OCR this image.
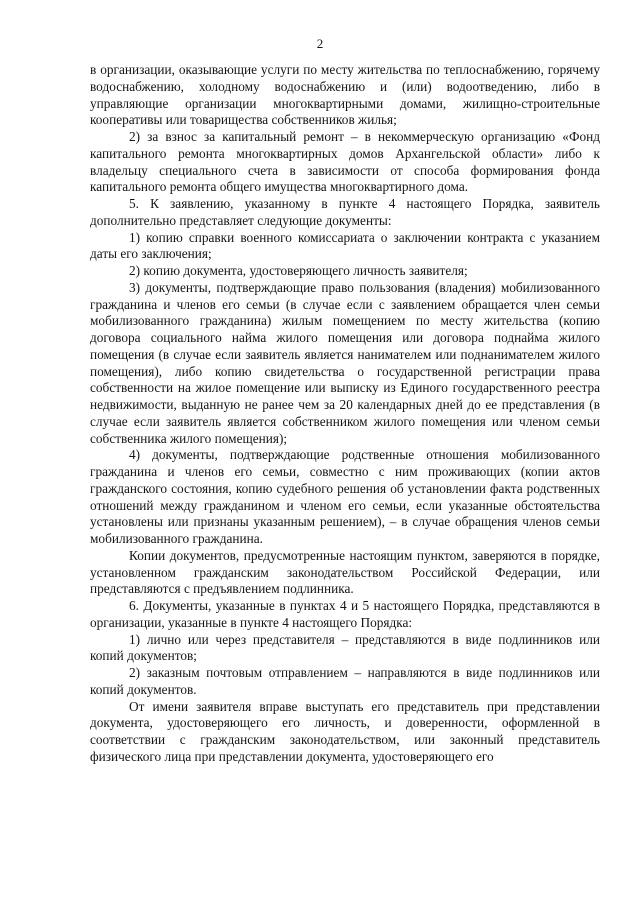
2

в организации, оказывающие услуги по месту жительства по теплоснабжению, горячему водоснабжению, холодному водоснабжению и (или) водоотведению, либо в управляющие организации многоквартирными домами, жилищно-строительные кооперативы или товарищества собственников жилья;

2) за взнос за капитальный ремонт – в некоммерческую организацию «Фонд капитального ремонта многоквартирных домов Архангельской области» либо к владельцу специального счета в зависимости от способа формирования фонда капитального ремонта общего имущества многоквартирного дома.

5. К заявлению, указанному в пункте 4 настоящего Порядка, заявитель дополнительно представляет следующие документы:

1) копию справки военного комиссариата о заключении контракта с указанием даты его заключения;

2) копию документа, удостоверяющего личность заявителя;

3) документы, подтверждающие право пользования (владения) мобилизованного гражданина и членов его семьи (в случае если с заявлением обращается член семьи мобилизованного гражданина) жилым помещением по месту жительства (копию договора социального найма жилого помещения или договора поднайма жилого помещения (в случае если заявитель является нанимателем или поднанимателем жилого помещения), либо копию свидетельства о государственной регистрации права собственности на жилое помещение или выписку из Единого государственного реестра недвижимости, выданную не ранее чем за 20 календарных дней до ее представления (в случае если заявитель является собственником жилого помещения или членом семьи собственника жилого помещения);

4) документы, подтверждающие родственные отношения мобилизованного гражданина и членов его семьи, совместно с ним проживающих (копии актов гражданского состояния, копию судебного решения об установлении факта родственных отношений между гражданином и членом его семьи, если указанные обстоятельства установлены или признаны указанным решением), – в случае обращения членов семьи мобилизованного гражданина.

Копии документов, предусмотренные настоящим пунктом, заверяются в порядке, установленном гражданским законодательством Российской Федерации, или представляются с предъявлением подлинника.

6. Документы, указанные в пунктах 4 и 5 настоящего Порядка, представляются в организации, указанные в пункте 4 настоящего Порядка:

1) лично или через представителя – представляются в виде подлинников или копий документов;

2) заказным почтовым отправлением – направляются в виде подлинников или копий документов.

От имени заявителя вправе выступать его представитель при представлении документа, удостоверяющего его личность, и доверенности, оформленной в соответствии с гражданским законодательством, или законный представитель физического лица при представлении документа, удостоверяющего его
